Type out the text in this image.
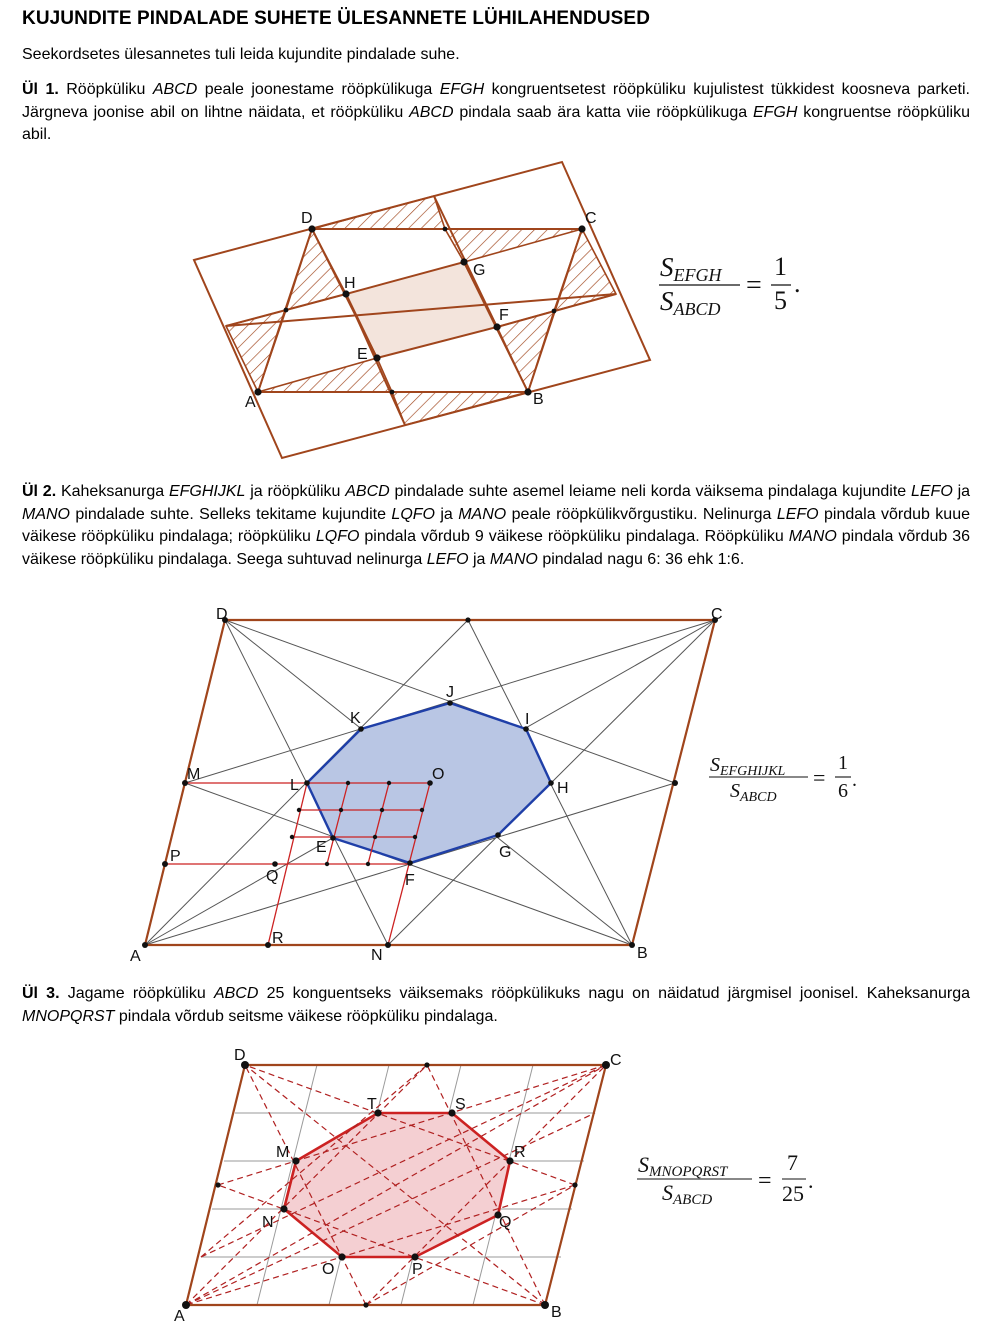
KUJUNDITE PINDALADE SUHETE ÜLESANNETE LÜHILAHENDUSED
Seekordsetes ülesannetes tuli leida kujundite pindalade suhe.
Ül 1. Rööpküliku ABCD peale joonestame rööpkülikuga EFGH kongruentsetest rööpküliku kujulistest tükkidest koosneva parketi. Järgneva joonise abil on lihtne näidata, et rööpküliku ABCD pindala saab ära katta viie rööpkülikuga EFGH kongruentse rööpküliku abil.
Ül 2. Kaheksanurga EFGHIJKL ja rööpküliku ABCD pindalade suhte asemel leiame neli korda väiksema pindalaga kujundite LEFO ja MANO pindalade suhte. Selleks tekitame kujundite LQFO ja MANO peale rööpkülikvõrgustiku. Nelinurga LEFO pindala võrdub kuue väikese rööpküliku pindalaga; rööpküliku LQFO pindala võrdub 9 väikese rööpküliku pindalaga. Rööpküliku MANO pindala võrdub 36 väikese rööpküliku pindalaga. Seega suhtuvad nelinurga LEFO ja MANO pindalad nagu 6: 36 ehk 1:6.
Ül 3. Jagame rööpküliku ABCD 25 konguentseks väiksemaks rööpkülikuks nagu on näidatud järgmisel joonisel. Kaheksanurga MNOPQRST pindala võrdub seitsme väikese rööpküliku pindalaga.
A	B
C
D
E
F
G
H
SEFGH
SABCD
=
1
5
.
A	B
C
D
E
F
G
H
I
J
K
L
M
N
O
P
Q
R
$S_{EFGHIJKL}$
$S_{ABCD}$
=
1
6 .
A	B
C
D
M
N
O	P
Q
R
S
T
SMNOPQRST
SABCD
=
7
25
.
